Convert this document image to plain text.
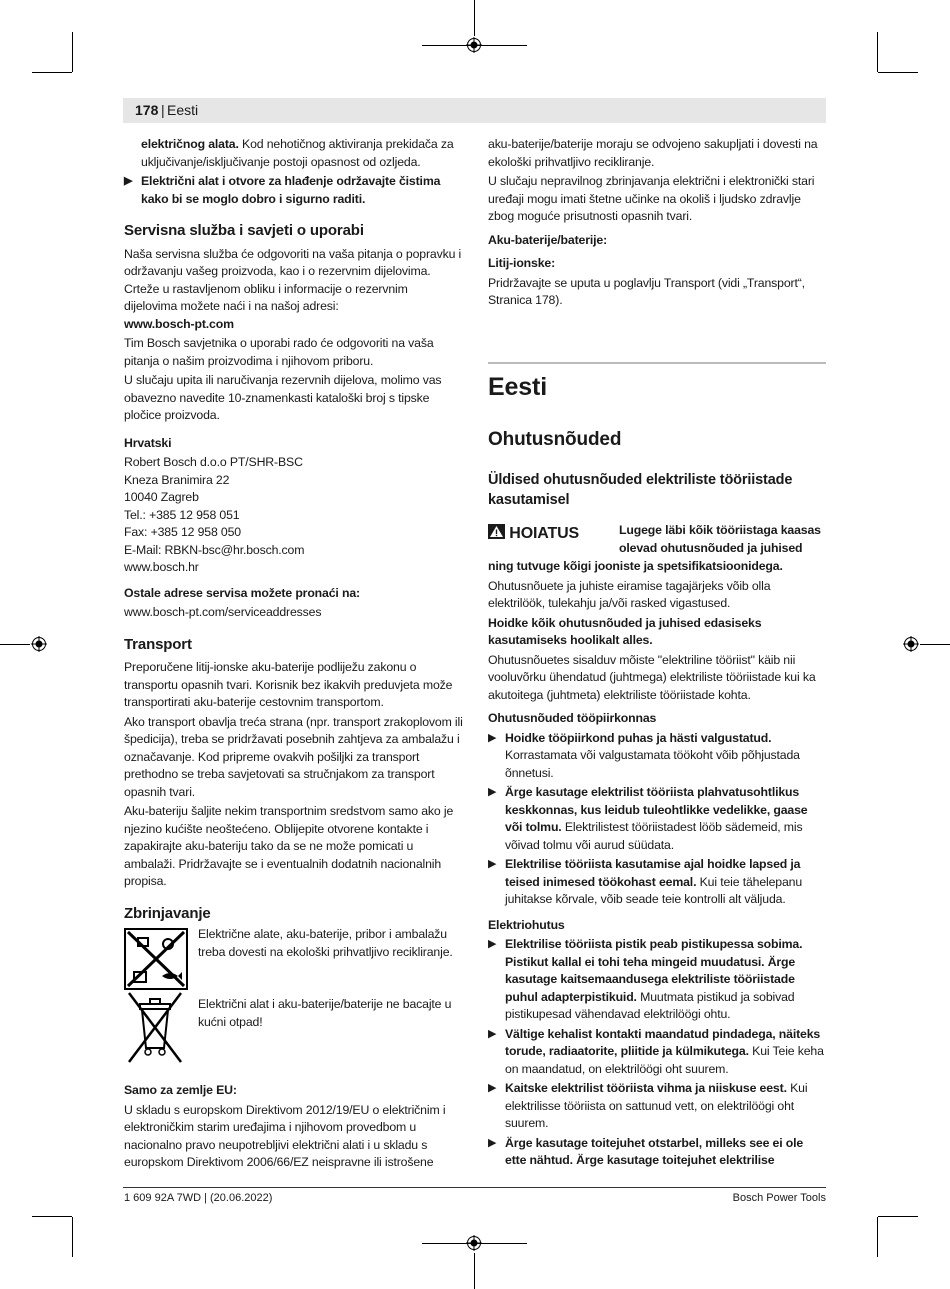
178 | Eesti

električnog alata. Kod nehotičnog aktiviranja prekidača za uključivanje/isključivanje postoji opasnost od ozljeda.

▶ Električni alat i otvore za hlađenje održavajte čistima kako bi se moglo dobro i sigurno raditi.

Servisna služba i savjeti o uporabi

Naša servisna služba će odgovoriti na vaša pitanja o popravku i održavanju vašeg proizvoda, kao i o rezervnim dijelovima. Crteže u rastavljenom obliku i informacije o rezervnim dijelovima možete naći i na našoj adresi:

www.bosch-pt.com

Tim Bosch savjetnika o uporabi rado će odgovoriti na vaša pitanja o našim proizvodima i njihovom priboru.

U slučaju upita ili naručivanja rezervnih dijelova, molimo vas obavezno navedite 10-znamenkasti kataloški broj s tipske pločice proizvoda.

Hrvatski

Robert Bosch d.o.o PT/SHR-BSC
Kneza Branimira 22
10040 Zagreb
Tel.: +385 12 958 051
Fax: +385 12 958 050
E-Mail: RBKN-bsc@hr.bosch.com
www.bosch.hr

Ostale adrese servisa možete pronaći na:

www.bosch-pt.com/serviceaddresses

Transport

Preporučene litij-ionske aku-baterije podliježu zakonu o transportu opasnih tvari. Korisnik bez ikakvih preduvjeta može transportirati aku-baterije cestovnim transportom.

Ako transport obavlja treća strana (npr. transport zrakoplovom ili špedicija), treba se pridržavati posebnih zahtjeva za ambalažu i označavanje. Kod pripreme ovakvih pošiljki za transport prethodno se treba savjetovati sa stručnjakom za transport opasnih tvari.

Aku-bateriju šaljite nekim transportnim sredstvom samo ako je njezino kućište neoštećeno. Oblijepite otvorene kontakte i zapakirajte aku-bateriju tako da se ne može pomicati u ambalaži. Pridržavajte se i eventualnih dodatnih nacionalnih propisa.

Zbrinjavanje

Električne alate, aku-baterije, pribor i ambalažu treba dovesti na ekološki prihvatljivo recikliranje.

Električni alat i aku-baterije/baterije ne bacajte u kućni otpad!

Samo za zemlje EU:

U skladu s europskom Direktivom 2012/19/EU o električnim i elektroničkim starim uređajima i njihovom provedbom u nacionalno pravo neupotrebljivi električni alati i u skladu s europskom Direktivom 2006/66/EZ neispravne ili istrošene

aku-baterije/baterije moraju se odvojeno sakupljati i dovesti na ekološki prihvatljivo recikliranje.

U slučaju nepravilnog zbrinjavanja električni i elektronički stari uređaji mogu imati štetne učinke na okoliš i ljudsko zdravlje zbog moguće prisutnosti opasnih tvari.

Aku-baterije/baterije:

Litij-ionske:

Pridržavajte se uputa u poglavlju Transport (vidi „Transport“, Stranica 178).

Eesti

Ohutusnõuded

Üldised ohutusnõuded elektriliste tööriistade kasutamisel

HOIATUS	Lugege läbi kõik tööriistaga kaasas olevad ohutusnõuded ja juhised

ning tutvuge kõigi jooniste ja spetsifikatsioonidega.

Ohutusnõuete ja juhiste eiramise tagajärjeks võib olla elektrilöök, tulekahju ja/või rasked vigastused.

Hoidke kõik ohutusnõuded ja juhised edasiseks kasutamiseks hoolikalt alles.

Ohutusnõuetes sisalduv mõiste "elektriline tööriist" käib nii vooluvõrku ühendatud (juhtmega) elektriliste tööriistade kui ka akutoitega (juhtmeta) elektriliste tööriistade kohta.

Ohutusnõuded tööpiirkonnas

▶ Hoidke tööpiirkond puhas ja hästi valgustatud. Korrastamata või valgustamata töökoht võib põhjustada õnnetusi.

▶ Ärge kasutage elektrilist tööriista plahvatusohtlikus keskkonnas, kus leidub tuleohtlikke vedelikke, gaase või tolmu. Elektrilistest tööriistadest lööb sädemeid, mis võivad tolmu või aurud süüdata.

▶ Elektrilise tööriista kasutamise ajal hoidke lapsed ja teised inimesed töökohast eemal. Kui teie tähelepanu juhitakse kõrvale, võib seade teie kontrolli alt väljuda.

Elektriohutus

▶ Elektrilise tööriista pistik peab pistikupessa sobima. Pistikut kallal ei tohi teha mingeid muudatusi. Ärge kasutage kaitsemaandusega elektriliste tööriistade puhul adapterpistikuid. Muutmata pistikud ja sobivad pistikupesad vähendavad elektrilöögi ohtu.

▶ Vältige kehalist kontakti maandatud pindadega, näiteks torude, radiaatorite, pliitide ja külmikutega. Kui Teie keha on maandatud, on elektrilöögi oht suurem.

▶ Kaitske elektrilist tööriista vihma ja niiskuse eest. Kui elektrilisse tööriista on sattunud vett, on elektrilöögi oht suurem.

▶ Ärge kasutage toitejuhet otstarbel, milleks see ei ole ette nähtud. Ärge kasutage toitejuhet elektrilise

1 609 92A 7WD | (20.06.2022)	Bosch Power Tools
